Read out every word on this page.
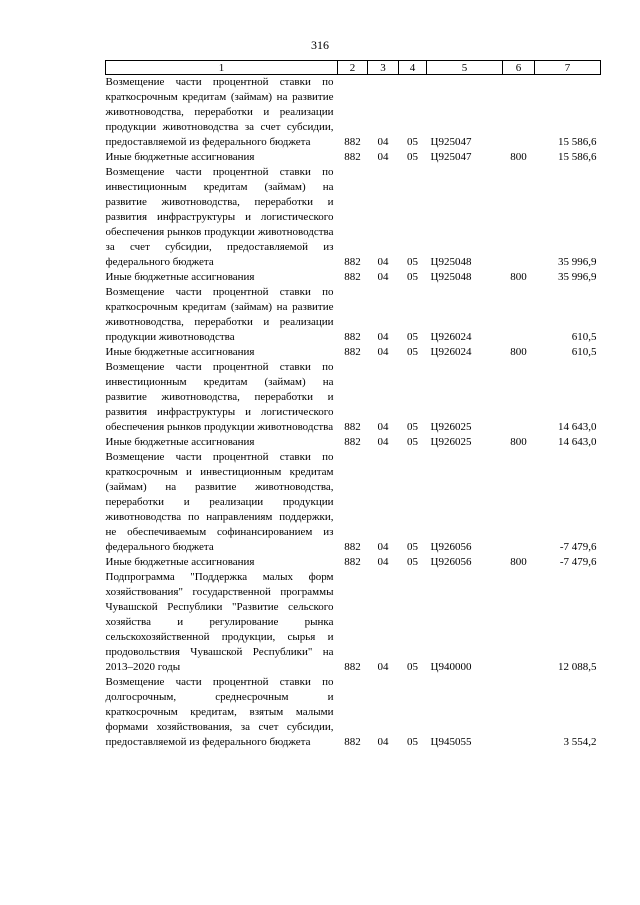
316
1	2	3	4	5	6	7
Возмещение части процентной ставки по краткосрочным кредитам (займам) на развитие животноводства, переработки и реализации продукции животноводства за счет субсидии, предоставляемой из федерального бюджета	882	04	05	Ц925047		15 586,6
Иные бюджетные ассигнования	882	04	05	Ц925047	800	15 586,6
Возмещение части процентной ставки по инвестиционным кредитам (займам) на развитие животноводства, переработки и развития инфраструктуры и логистического обеспечения рынков продукции животноводства за счет субсидии, предоставляемой из федерального бюджета	882	04	05	Ц925048		35 996,9
Иные бюджетные ассигнования	882	04	05	Ц925048	800	35 996,9
Возмещение части процентной ставки по краткосрочным кредитам (займам) на развитие животноводства, переработки и реализации продукции животноводства	882	04	05	Ц926024		610,5
Иные бюджетные ассигнования	882	04	05	Ц926024	800	610,5
Возмещение части процентной ставки по инвестиционным кредитам (займам) на развитие животноводства, переработки и развития инфраструктуры и логистического обеспечения рынков продукции животноводства	882	04	05	Ц926025		14 643,0
Иные бюджетные ассигнования	882	04	05	Ц926025	800	14 643,0
Возмещение части процентной ставки по краткосрочным и инвестиционным кредитам (займам) на развитие животноводства, переработки и реализации продукции животноводства по направлениям поддержки, не обеспечиваемым софинансированием из федерального бюджета	882	04	05	Ц926056		-7 479,6
Иные бюджетные ассигнования	882	04	05	Ц926056	800	-7 479,6
Подпрограмма "Поддержка малых форм хозяйствования" государственной программы Чувашской Республики "Развитие сельского хозяйства и регулирование рынка сельскохозяйственной продукции, сырья и продовольствия Чувашской Республики" на 2013–2020 годы	882	04	05	Ц940000		12 088,5
Возмещение части процентной ставки по долгосрочным, среднесрочным и краткосрочным кредитам, взятым малыми формами хозяйствования, за счет субсидии, предоставляемой из федерального бюджета	882	04	05	Ц945055		3 554,2
